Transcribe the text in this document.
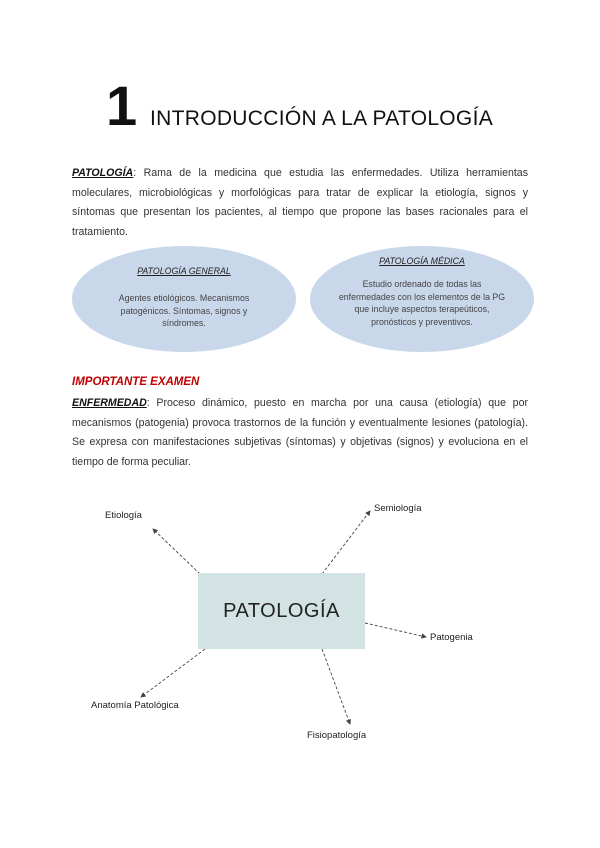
1 INTRODUCCIÓN A LA PATOLOGÍA
PATOLOGÍA: Rama de la medicina que estudia las enfermedades. Utiliza herramientas moleculares, microbiológicas y morfológicas para tratar de explicar la etiología, signos y síntomas que presentan los pacientes, al tiempo que propone las bases racionales para el tratamiento.
PATOLOGÍA GENERAL
Agentes etiológicos. Mecanismos patogénicos. Síntomas, signos y síndromes.
PATOLOGÍA MÉDICA
Estudio ordenado de todas las enfermedades con los elementos de la PG que incluye aspectos terapeúticos, pronósticos y preventivos.
IMPORTANTE EXAMEN
ENFERMEDAD: Proceso dinámico, puesto en marcha por una causa (etiología) que por mecanismos (patogenia) provoca trastornos de la función y eventualmente lesiones (patología). Se expresa con manifestaciones subjetivas (síntomas) y objetivas (signos) y evoluciona en el tiempo de forma peculiar.
PATOLOGÍA
Etiología
Semiología
Patogenia
Anatomía Patológica
Fisiopatología
